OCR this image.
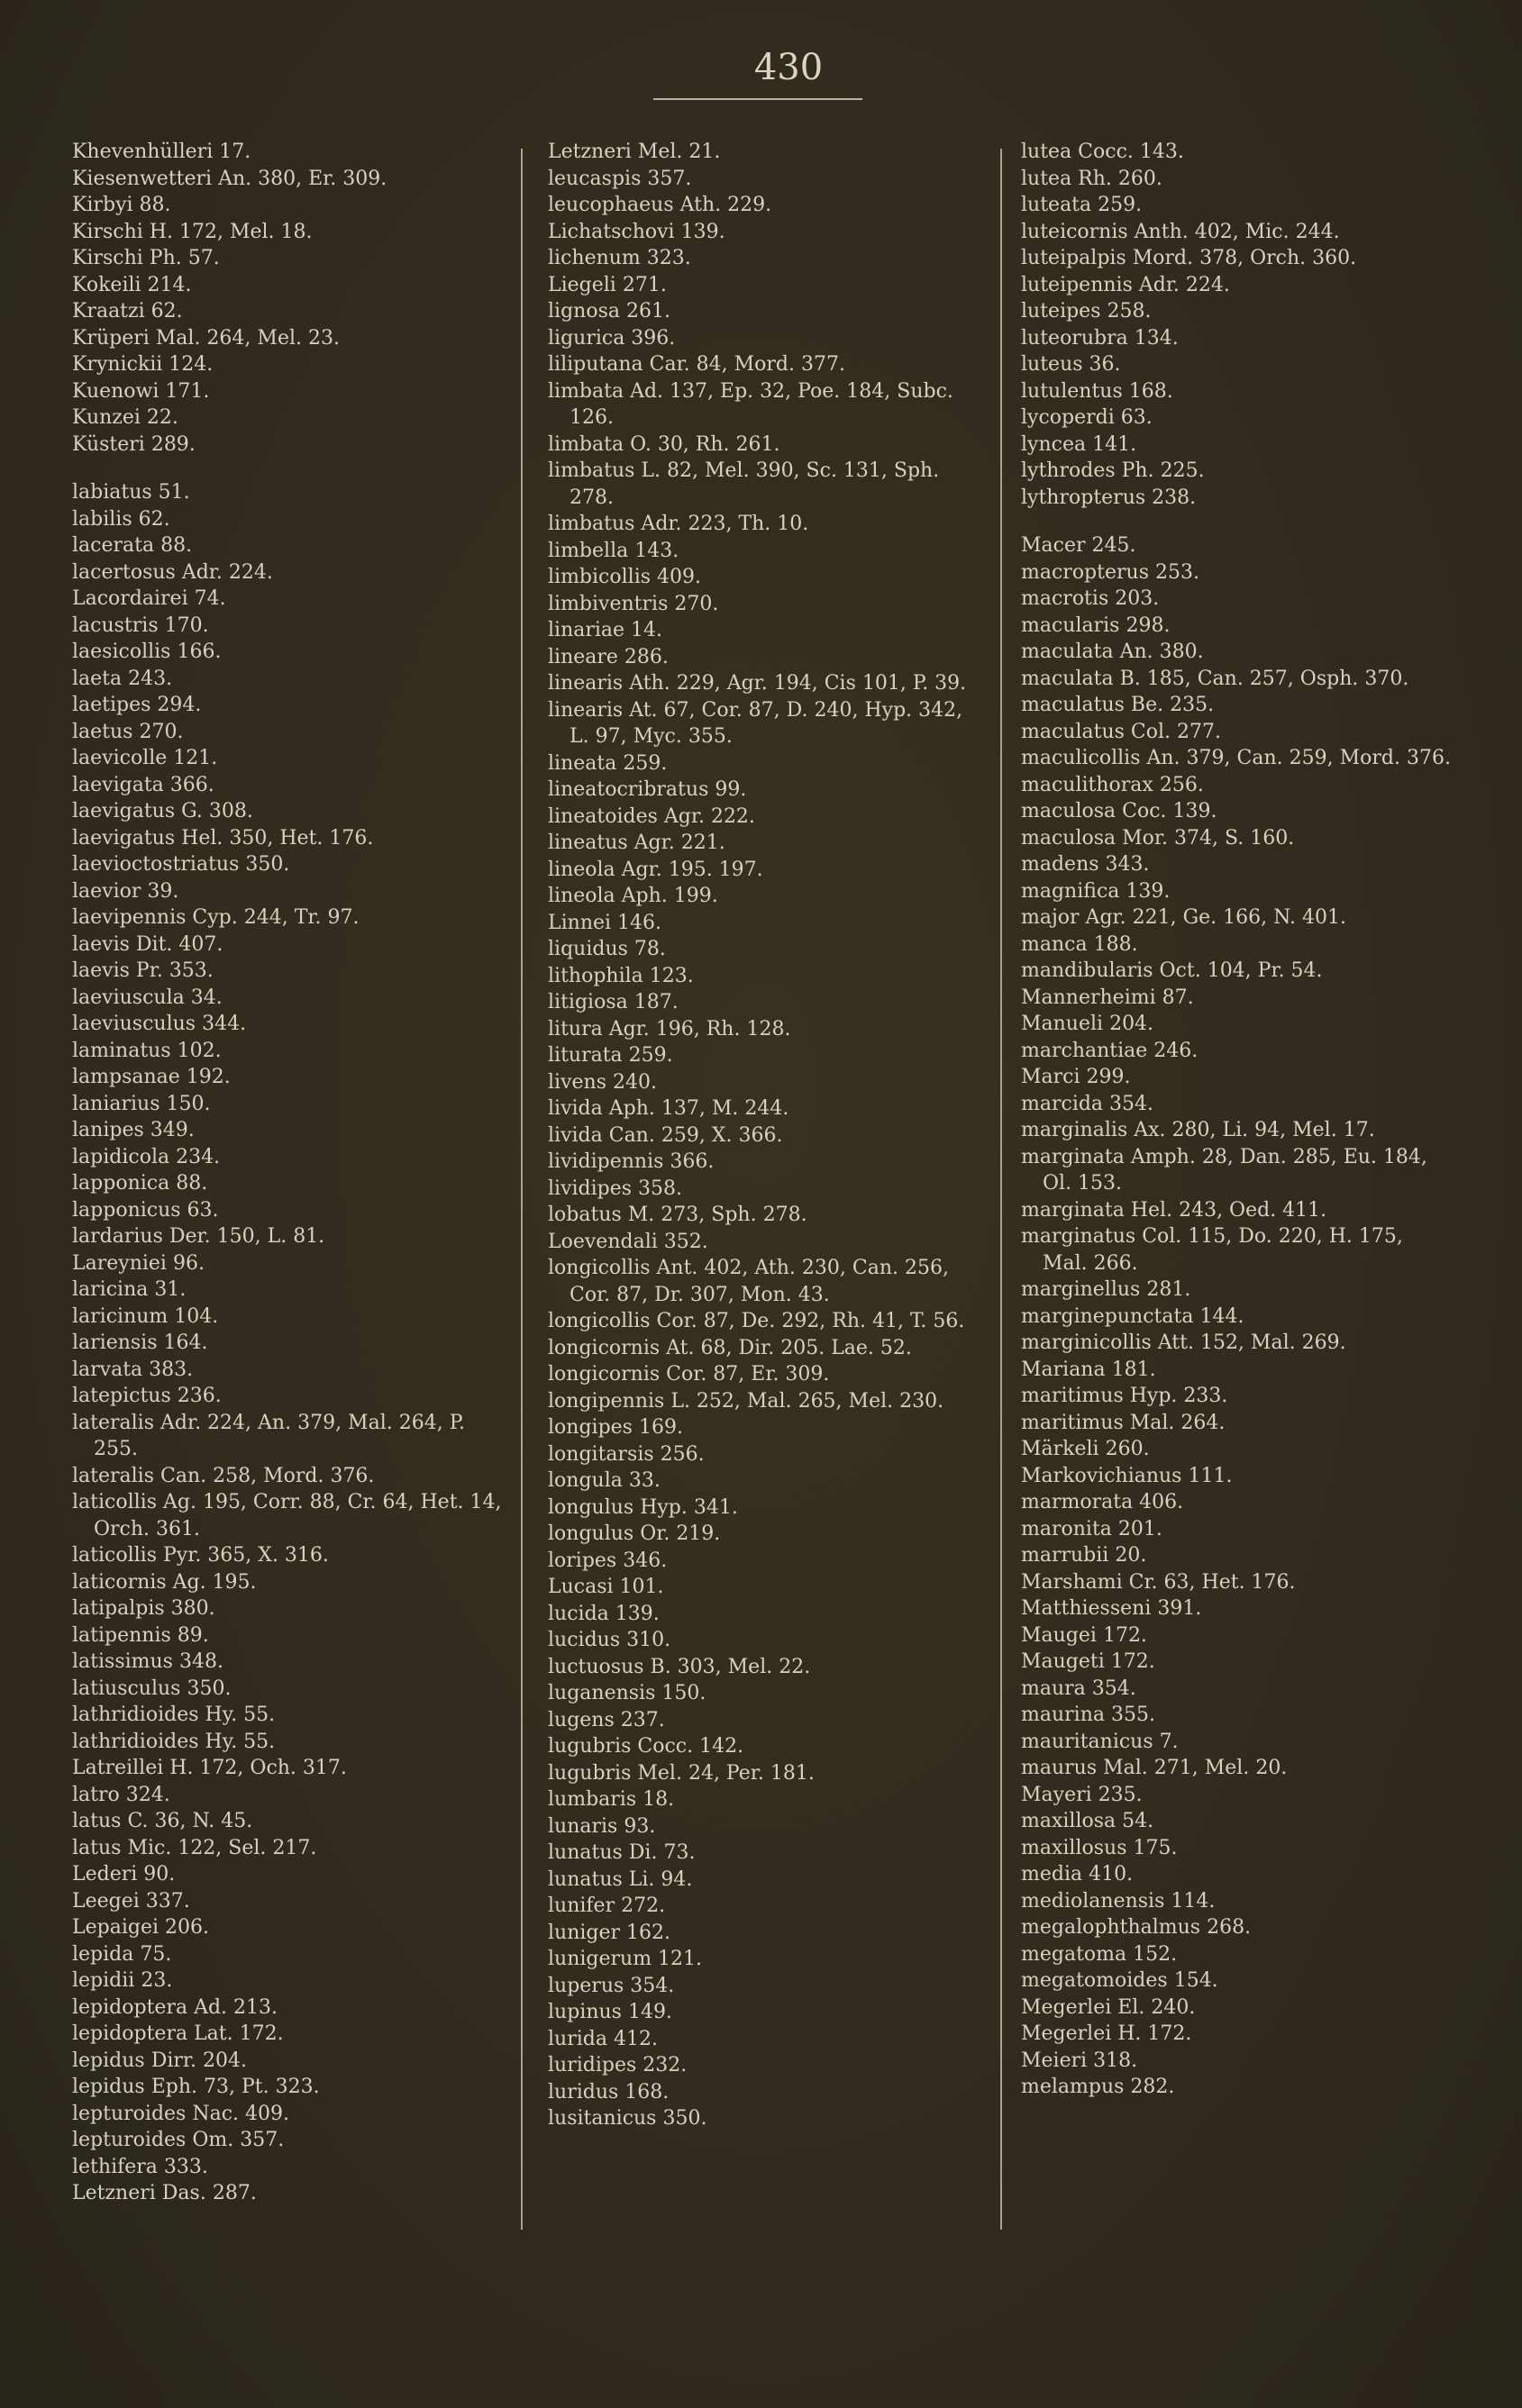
430
Khevenhülleri 17.
Kiesenwetteri An. 380, Er. 309.
Kirbyi 88.
Kirschi H. 172, Mel. 18.
Kirschi Ph. 57.
Kokeili 214.
Kraatzi 62.
Krüperi Mal. 264, Mel. 23.
Krynickii 124.
Kuenowi 171.
Kunzei 22.
Küsteri 289.
labiatus 51.
labilis 62.
lacerata 88.
lacertosus Adr. 224.
Lacordairei 74.
lacustris 170.
laesicollis 166.
laeta 243.
laetipes 294.
laetus 270.
laevicolle 121.
laevigata 366.
laevigatus G. 308.
laevigatus Hel. 350, Het. 176.
laevioctostriatus 350.
laevior 39.
laevipennis Cyp. 244, Tr. 97.
laevis Dit. 407.
laevis Pr. 353.
laeviuscula 34.
laeviusculus 344.
laminatus 102.
lampsanae 192.
laniarius 150.
lanipes 349.
lapidicola 234.
lapponica 88.
lapponicus 63.
lardarius Der. 150, L. 81.
Lareyniei 96.
laricina 31.
laricinum 104.
lariensis 164.
larvata 383.
latepictus 236.
lateralis Adr. 224, An. 379, Mal. 264, P. 255.
lateralis Can. 258, Mord. 376.
laticollis Ag. 195, Corr. 88, Cr. 64, Het. 14, Orch. 361.
laticollis Pyr. 365, X. 316.
laticornis Ag. 195.
latipalpis 380.
latipennis 89.
latissimus 348.
latiusculus 350.
lathridioides Hy. 55.
lathridioides Hy. 55.
Latreillei H. 172, Och. 317.
latro 324.
latus C. 36, N. 45.
latus Mic. 122, Sel. 217.
Lederi 90.
Leegei 337.
Lepaigei 206.
lepida 75.
lepidii 23.
lepidoptera Ad. 213.
lepidoptera Lat. 172.
lepidus Dirr. 204.
lepidus Eph. 73, Pt. 323.
lepturoides Nac. 409.
lepturoides Om. 357.
lethifera 333.
Letzneri Das. 287.
Letzneri Mel. 21.
leucaspis 357.
leucophaeus Ath. 229.
Lichatschovi 139.
lichenum 323.
Liegeli 271.
lignosa 261.
ligurica 396.
liliputana Car. 84, Mord. 377.
limbata Ad. 137, Ep. 32, Poe. 184, Subc. 126.
limbata O. 30, Rh. 261.
limbatus L. 82, Mel. 390, Sc. 131, Sph. 278.
limbatus Adr. 223, Th. 10.
limbella 143.
limbicollis 409.
limbiventris 270.
linariae 14.
lineare 286.
linearis Ath. 229, Agr. 194, Cis 101, P. 39.
linearis At. 67, Cor. 87, D. 240, Hyp. 342, L. 97, Myc. 355.
lineata 259.
lineatocribratus 99.
lineatoides Agr. 222.
lineatus Agr. 221.
lineola Agr. 195. 197.
lineola Aph. 199.
Linnei 146.
liquidus 78.
lithophila 123.
litigiosa 187.
litura Agr. 196, Rh. 128.
liturata 259.
livens 240.
livida Aph. 137, M. 244.
livida Can. 259, X. 366.
lividipennis 366.
lividipes 358.
lobatus M. 273, Sph. 278.
Loevendali 352.
longicollis Ant. 402, Ath. 230, Can. 256, Cor. 87, Dr. 307, Mon. 43.
longicollis Cor. 87, De. 292, Rh. 41, T. 56.
longicornis At. 68, Dir. 205. Lae. 52.
longicornis Cor. 87, Er. 309.
longipennis L. 252, Mal. 265, Mel. 230.
longipes 169.
longitarsis 256.
longula 33.
longulus Hyp. 341.
longulus Or. 219.
loripes 346.
Lucasi 101.
lucida 139.
lucidus 310.
luctuosus B. 303, Mel. 22.
luganensis 150.
lugens 237.
lugubris Cocc. 142.
lugubris Mel. 24, Per. 181.
lumbaris 18.
lunaris 93.
lunatus Di. 73.
lunatus Li. 94.
lunifer 272.
luniger 162.
lunigerum 121.
luperus 354.
lupinus 149.
lurida 412.
luridipes 232.
luridus 168.
lusitanicus 350.
lutea Cocc. 143.
lutea Rh. 260.
luteata 259.
luteicornis Anth. 402, Mic. 244.
luteipalpis Mord. 378, Orch. 360.
luteipennis Adr. 224.
luteipes 258.
luteorubra 134.
luteus 36.
lutulentus 168.
lycoperdi 63.
lyncea 141.
lythrodes Ph. 225.
lythropterus 238.
Macer 245.
macropterus 253.
macrotis 203.
macularis 298.
maculata An. 380.
maculata B. 185, Can. 257, Osph. 370.
maculatus Be. 235.
maculatus Col. 277.
maculicollis An. 379, Can. 259, Mord. 376.
maculithorax 256.
maculosa Coc. 139.
maculosa Mor. 374, S. 160.
madens 343.
magnifica 139.
major Agr. 221, Ge. 166, N. 401.
manca 188.
mandibularis Oct. 104, Pr. 54.
Mannerheimi 87.
Manueli 204.
marchantiae 246.
Marci 299.
marcida 354.
marginalis Ax. 280, Li. 94, Mel. 17.
marginata Amph. 28, Dan. 285, Eu. 184, Ol. 153.
marginata Hel. 243, Oed. 411.
marginatus Col. 115, Do. 220, H. 175, Mal. 266.
marginellus 281.
marginepunctata 144.
marginicollis Att. 152, Mal. 269.
Mariana 181.
maritimus Hyp. 233.
maritimus Mal. 264.
Märkeli 260.
Markovichianus 111.
marmorata 406.
maronita 201.
marrubii 20.
Marshami Cr. 63, Het. 176.
Matthiesseni 391.
Maugei 172.
Maugeti 172.
maura 354.
maurina 355.
mauritanicus 7.
maurus Mal. 271, Mel. 20.
Mayeri 235.
maxillosa 54.
maxillosus 175.
media 410.
mediolanensis 114.
megalophthalmus 268.
megatoma 152.
megatomoides 154.
Megerlei El. 240.
Megerlei H. 172.
Meieri 318.
melampus 282.
